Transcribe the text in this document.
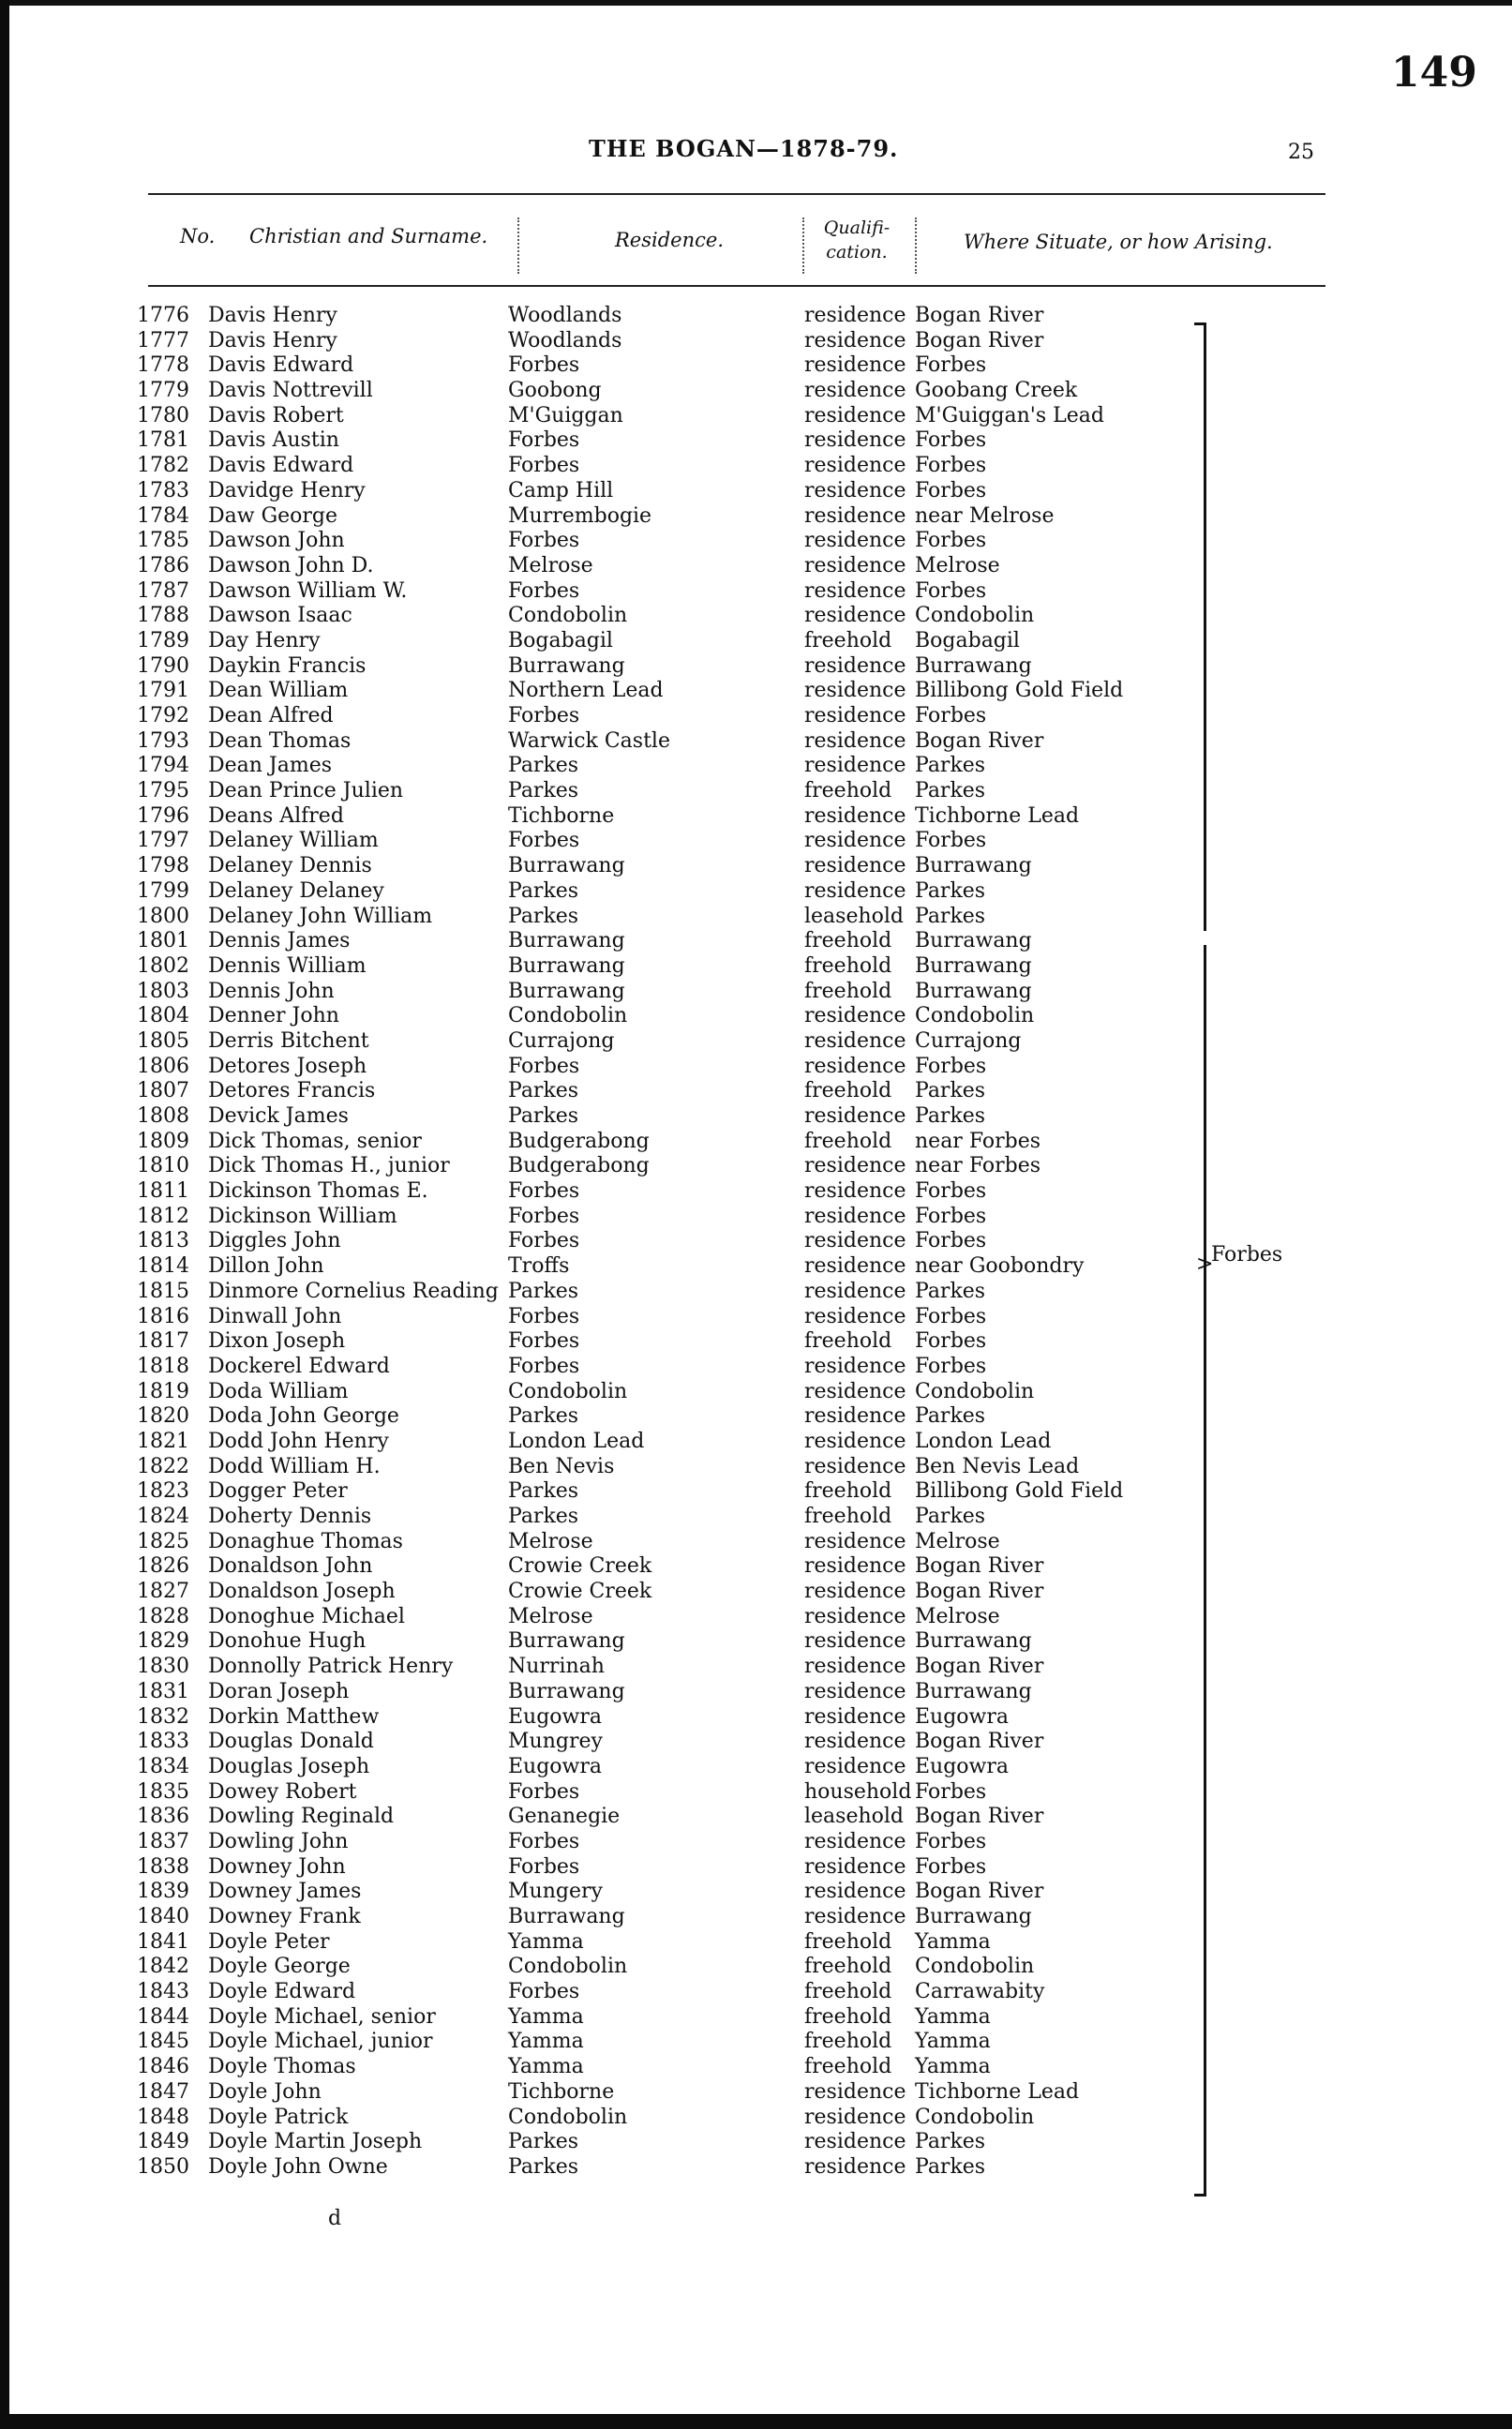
149
THE BOGAN—1878-79.	25
No. Christian and Surname.	Residence.
Qualifi- cation.	Where Situate, or how Arising.
1776 Davis Henry	Woodlands	residence Bogan River
1777 Davis Henry	Woodlands	residence Bogan River
1778 Davis Edward	Forbes	residence Forbes
1779 Davis Nottrevill	Goobong	residence Goobang Creek
1780 Davis Robert	M'Guiggan	residence M'Guiggan's Lead
1781 Davis Austin	Forbes	residence Forbes
1782 Davis Edward	Forbes	residence Forbes
1783 Davidge Henry	Camp Hill	residence Forbes
1784 Daw George	Murrembogie	residence near Melrose
1785 Dawson John	Forbes	residence Forbes
1786 Dawson John D.	Melrose	residence Melrose
1787 Dawson William W.	Forbes	residence Forbes
1788 Dawson Isaac	Condobolin	residence Condobolin
1789 Day Henry	Bogabagil	freehold Bogabagil
1790 Daykin Francis	Burrawang	residence Burrawang
1791 Dean William	Northern Lead	residence Billibong Gold Field
1792 Dean Alfred	Forbes	residence Forbes
1793 Dean Thomas	Warwick Castle	residence Bogan River
1794 Dean James	Parkes	residence Parkes
1795 Dean Prince Julien	Parkes	freehold Parkes
1796 Deans Alfred	Tichborne	residence Tichborne Lead
1797 Delaney William	Forbes	residence Forbes
1798 Delaney Dennis	Burrawang	residence Burrawang
1799 Delaney Delaney	Parkes	residence Parkes
1800 Delaney John William	Parkes	leasehold Parkes
1801 Dennis James	Burrawang	freehold Burrawang
1802 Dennis William	Burrawang	freehold Burrawang
1803 Dennis John	Burrawang	freehold Burrawang
1804 Denner John	Condobolin	residence Condobolin
1805 Derris Bitchent	Currajong	residence Currajong
1806 Detores Joseph	Forbes	residence Forbes
1807 Detores Francis	Parkes	freehold Parkes
1808 Devick James	Parkes	residence Parkes
1809 Dick Thomas, senior	Budgerabong	freehold near Forbes
1810 Dick Thomas H., junior	Budgerabong	residence near Forbes
1811 Dickinson Thomas E.	Forbes	residence Forbes
1812 Dickinson William	Forbes	residence Forbes
1813 Diggles John	Forbes	residence Forbes
1814 Dillon John	Troffs	residence near Goobondry
1815 Dinmore Cornelius Reading Parkes	residence Parkes
1816 Dinwall John	Forbes	residence Forbes
1817 Dixon Joseph	Forbes	freehold Forbes
1818 Dockerel Edward	Forbes	residence Forbes
1819 Doda William	Condobolin	residence Condobolin
1820 Doda John George	Parkes	residence Parkes
1821 Dodd John Henry	London Lead	residence London Lead
1822 Dodd William H.	Ben Nevis	residence Ben Nevis Lead
1823 Dogger Peter	Parkes	freehold Billibong Gold Field
1824 Doherty Dennis	Parkes	freehold Parkes
1825 Donaghue Thomas	Melrose	residence Melrose
1826 Donaldson John	Crowie Creek	residence Bogan River
1827 Donaldson Joseph	Crowie Creek	residence Bogan River
1828 Donoghue Michael	Melrose	residence Melrose
1829 Donohue Hugh	Burrawang	residence Burrawang
1830 Donnolly Patrick Henry	Nurrinah	residence Bogan River
1831 Doran Joseph	Burrawang	residence Burrawang
1832 Dorkin Matthew	Eugowra	residence Eugowra
1833 Douglas Donald	Mungrey	residence Bogan River
1834 Douglas Joseph	Eugowra	residence Eugowra
1835 Dowey Robert	Forbes	household Forbes
1836 Dowling Reginald	Genanegie	leasehold Bogan River
1837 Dowling John	Forbes	residence Forbes
1838 Downey John	Forbes	residence Forbes
1839 Downey James	Mungery	residence Bogan River
1840 Downey Frank	Burrawang	residence Burrawang
1841 Doyle Peter	Yamma	freehold Yamma
1842 Doyle George	Condobolin	freehold Condobolin
1843 Doyle Edward	Forbes	freehold Carrawabity
1844 Doyle Michael, senior	Yamma	freehold Yamma
1845 Doyle Michael, junior	Yamma	freehold Yamma
1846 Doyle Thomas	Yamma	freehold Yamma
1847 Doyle John	Tichborne	residence Tichborne Lead
1848 Doyle Patrick	Condobolin	residence Condobolin
1849 Doyle Martin Joseph	Parkes	residence Parkes
1850 Doyle John Owne	Parkes	residence Parkes
>
Forbes
d
